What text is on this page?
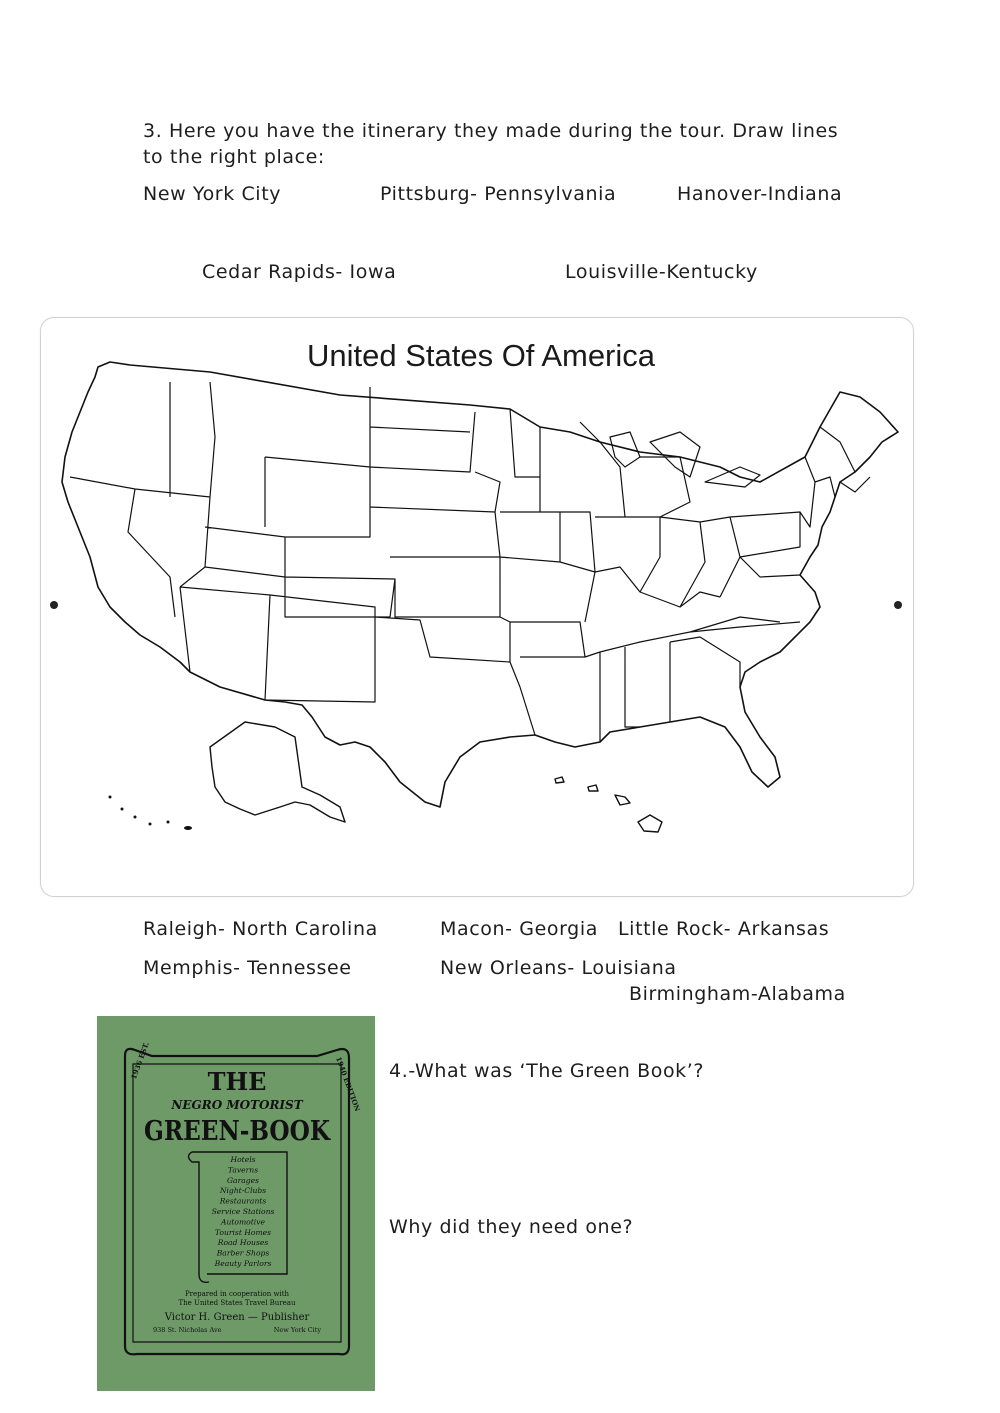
3. Here you have the itinerary they made during the tour. Draw lines to the right place:
New York City	Pittsburg- Pennsylvania	Hanover-Indiana
Cedar Rapids- Iowa	Louisville-Kentucky
United States Of America
Raleigh- North Carolina	Macon- Georgia Little Rock- Arkansas
Memphis- Tennessee	New Orleans- Louisiana
Birmingham-Alabama
1936 EST.	1940 EDITION
THE
NEGRO MOTORIST
GREEN-BOOK
Hotels
Taverns
Garages
Night-Clubs
Restaurants
Service Stations
Automotive
Tourist Homes
Road Houses
Barber Shops
Beauty Parlors
Prepared in cooperation with
The United States Travel Bureau
Victor H. Green — Publisher
938 St. Nicholas Ave	New York City
4.-What was ‘The Green Book’?
Why did they need one?
